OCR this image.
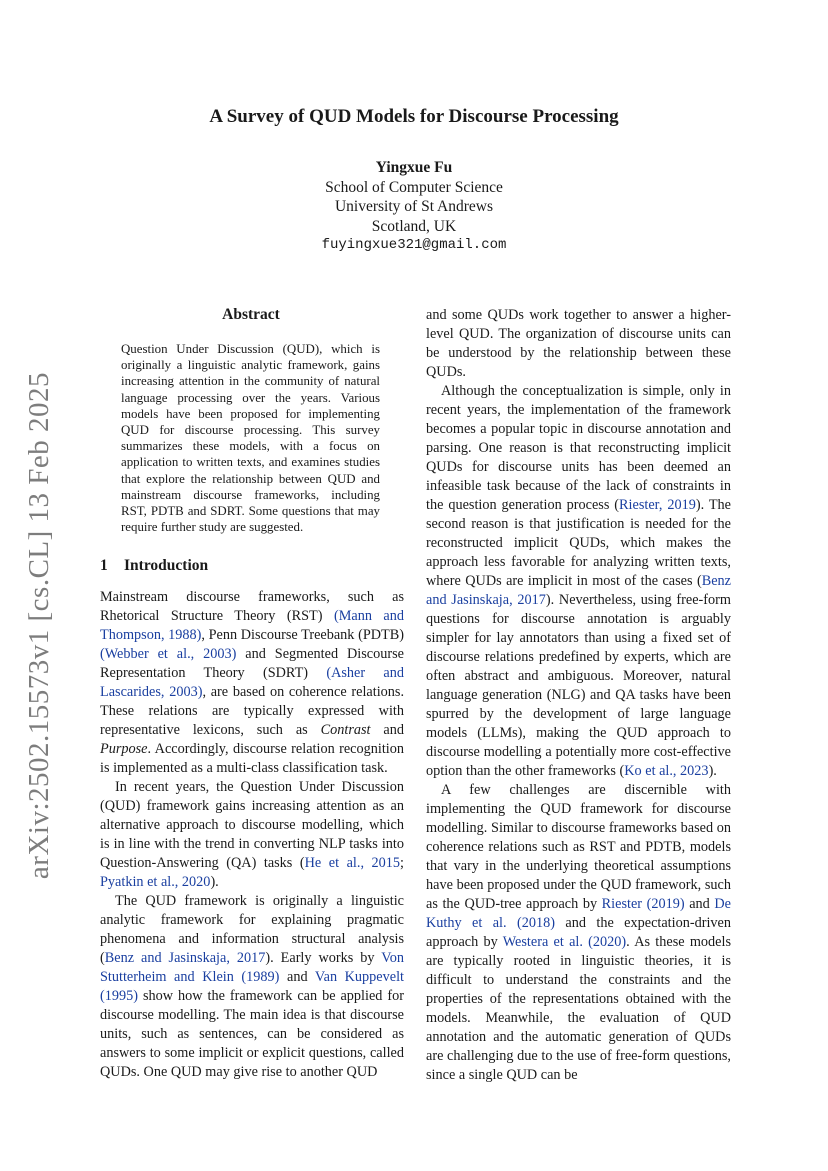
arXiv:2502.15573v1 [cs.CL] 13 Feb 2025
A Survey of QUD Models for Discourse Processing
Yingxue Fu
School of Computer Science
University of St Andrews
Scotland, UK
fuyingxue321@gmail.com
Abstract
Question Under Discussion (QUD), which is originally a linguistic analytic framework, gains increasing attention in the community of natural language processing over the years. Various models have been proposed for implementing QUD for discourse processing. This survey summarizes these models, with a focus on application to written texts, and examines studies that explore the relationship between QUD and mainstream discourse frameworks, including RST, PDTB and SDRT. Some questions that may require further study are suggested.
1 Introduction

Mainstream discourse frameworks, such as Rhetorical Structure Theory (RST) (Mann and Thompson, 1988), Penn Discourse Treebank (PDTB) (Webber et al., 2003) and Segmented Discourse Representation Theory (SDRT) (Asher and Lascarides, 2003), are based on coherence relations. These relations are typically expressed with representative lexicons, such as Contrast and Purpose. Accordingly, discourse relation recognition is implemented as a multi-class classification task.

In recent years, the Question Under Discussion (QUD) framework gains increasing attention as an alternative approach to discourse modelling, which is in line with the trend in converting NLP tasks into Question-Answering (QA) tasks (He et al., 2015; Pyatkin et al., 2020).

The QUD framework is originally a linguistic analytic framework for explaining pragmatic phenomena and information structural analysis (Benz and Jasinskaja, 2017). Early works by Von Stutterheim and Klein (1989) and Van Kuppevelt (1995) show how the framework can be applied for discourse modelling. The main idea is that discourse units, such as sentences, can be considered as answers to some implicit or explicit questions, called QUDs. One QUD may give rise to another QUD

and some QUDs work together to answer a higher-level QUD. The organization of discourse units can be understood by the relationship between these QUDs.

Although the conceptualization is simple, only in recent years, the implementation of the framework becomes a popular topic in discourse annotation and parsing. One reason is that reconstructing implicit QUDs for discourse units has been deemed an infeasible task because of the lack of constraints in the question generation process (Riester, 2019). The second reason is that justification is needed for the reconstructed implicit QUDs, which makes the approach less favorable for analyzing written texts, where QUDs are implicit in most of the cases (Benz and Jasinskaja, 2017). Nevertheless, using free-form questions for discourse annotation is arguably simpler for lay annotators than using a fixed set of discourse relations predefined by experts, which are often abstract and ambiguous. Moreover, natural language generation (NLG) and QA tasks have been spurred by the development of large language models (LLMs), making the QUD approach to discourse modelling a potentially more cost-effective option than the other frameworks (Ko et al., 2023).

A few challenges are discernible with implementing the QUD framework for discourse modelling. Similar to discourse frameworks based on coherence relations such as RST and PDTB, models that vary in the underlying theoretical assumptions have been proposed under the QUD framework, such as the QUD-tree approach by Riester (2019) and De Kuthy et al. (2018) and the expectation-driven approach by Westera et al. (2020). As these models are typically rooted in linguistic theories, it is difficult to understand the constraints and the properties of the representations obtained with the models. Meanwhile, the evaluation of QUD annotation and the automatic generation of QUDs are challenging due to the use of free-form questions, since a single QUD can be
